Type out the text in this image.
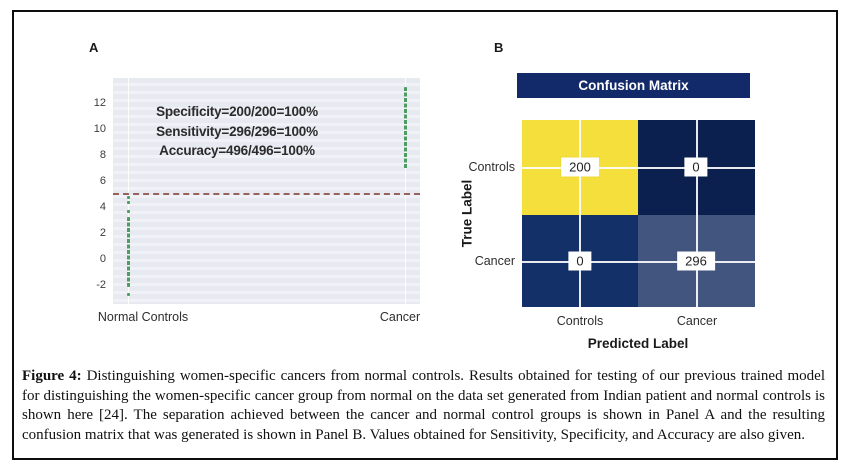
A
12
10
8
6
4
2
0
-2
Specificity=200/200=100%
Sensitivity=296/296=100%
Accuracy=496/496=100%
Normal Controls	Cancer
B
Confusion Matrix
200	0
0	296
Controls
Cancer
Controls	Cancer
True Label
Predicted Label
Figure 4: Distinguishing women-specific cancers from normal controls. Results obtained for testing of our previous trained model for distinguishing the women-specific cancer group from normal on the data set generated from Indian patient and normal controls is shown here [24]. The separation achieved between the cancer and normal control groups is shown in Panel A and the resulting confusion matrix that was generated is shown in Panel B. Values obtained for Sensitivity, Specificity, and Accuracy are also given.
